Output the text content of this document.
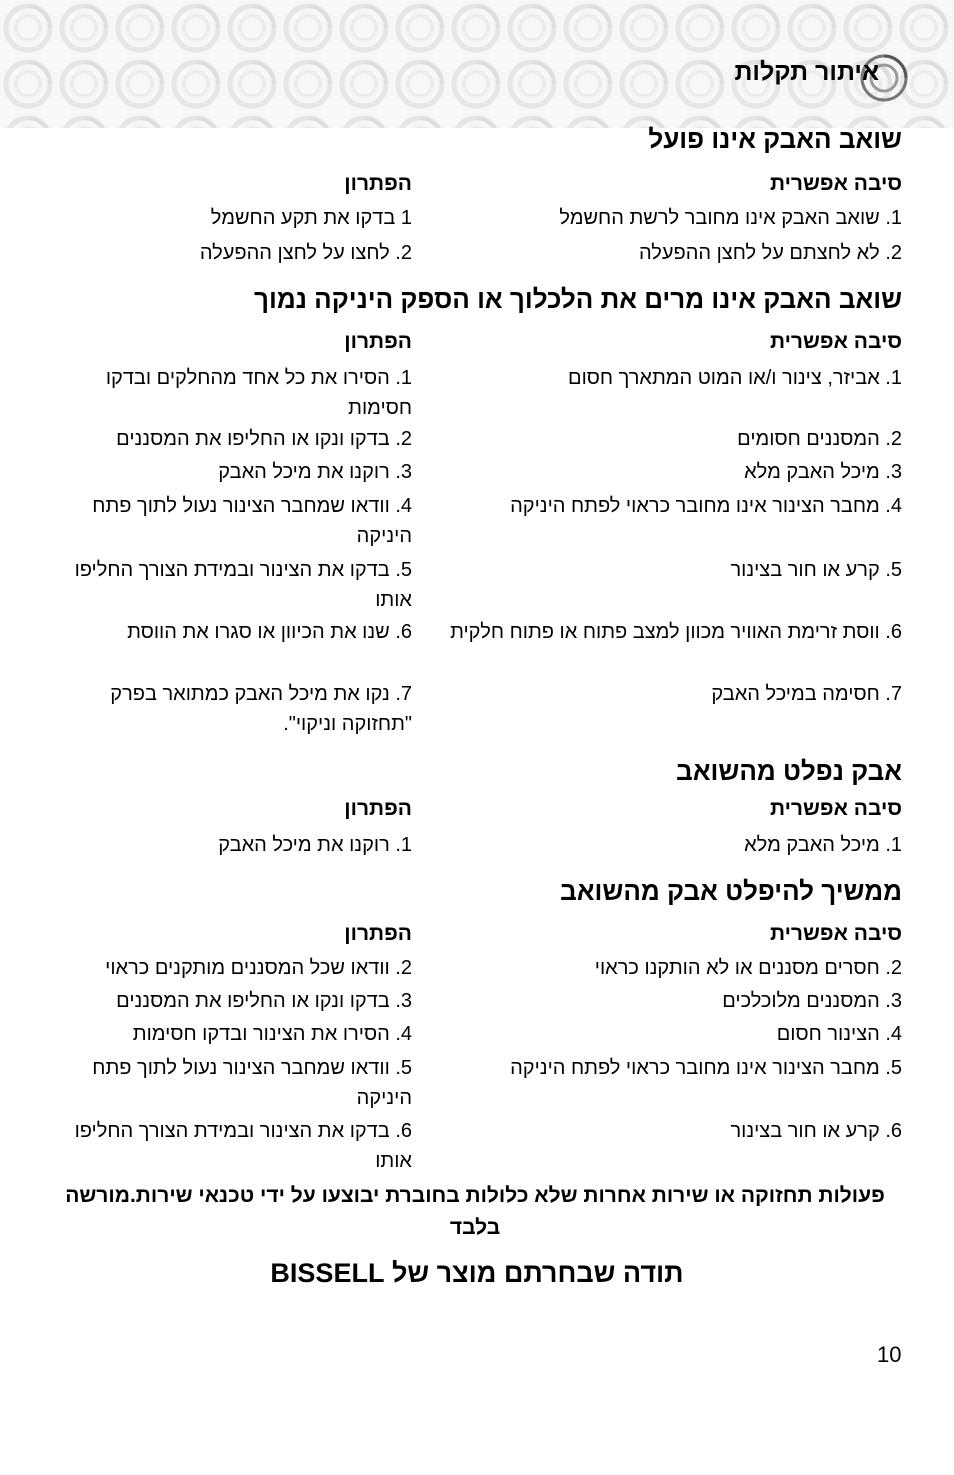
איתור תקלות
שואב האבק אינו פועל
סיבה אפשרית
הפתרון
1. שואב האבק אינו מחובר לרשת החשמל
1 בדקו את תקע החשמל
2. לא לחצתם על לחצן ההפעלה
2. לחצו על לחצן ההפעלה
שואב האבק אינו מרים את הלכלוך או הספק היניקה נמוך
סיבה אפשרית
הפתרון
1. אביזר, צינור ו/או המוט המתארך חסום
1. הסירו את כל אחד מהחלקים ובדקו חסימות
2. המסננים חסומים
2. בדקו ונקו או החליפו את המסננים
3. מיכל האבק מלא
3. רוקנו את מיכל האבק
4. מחבר הצינור אינו מחובר כראוי לפתח היניקה
4. וודאו שמחבר הצינור נעול לתוך פתח היניקה
5. קרע או חור בצינור
5. בדקו את הצינור ובמידת הצורך החליפו אותו
6. ווסת זרימת האוויר מכוון למצב פתוח או פתוח חלקית
6. שנו את הכיוון או סגרו את הווסת
7. חסימה במיכל האבק
7. נקו את מיכל האבק כמתואר בפרק "תחזוקה וניקוי".
אבק נפלט מהשואב
סיבה אפשרית
הפתרון
1. מיכל האבק מלא
1. רוקנו את מיכל האבק
ממשיך להיפלט אבק מהשואב
סיבה אפשרית
הפתרון
2. חסרים מסננים או לא הותקנו כראוי
2. וודאו שכל המסננים מותקנים כראוי
3. המסננים מלוכלכים
3. בדקו ונקו או החליפו את המסננים
4. הצינור חסום
4. הסירו את הצינור ובדקו חסימות
5. מחבר הצינור אינו מחובר כראוי לפתח היניקה
5. וודאו שמחבר הצינור נעול לתוך פתח היניקה
6. קרע או חור בצינור
6. בדקו את הצינור ובמידת הצורך החליפו אותו
פעולות תחזוקה או שירות אחרות שלא כלולות בחוברת יבוצעו על ידי טכנאי שירות.מורשה בלבד
תודה שבחרתם מוצר של BISSELL
10
